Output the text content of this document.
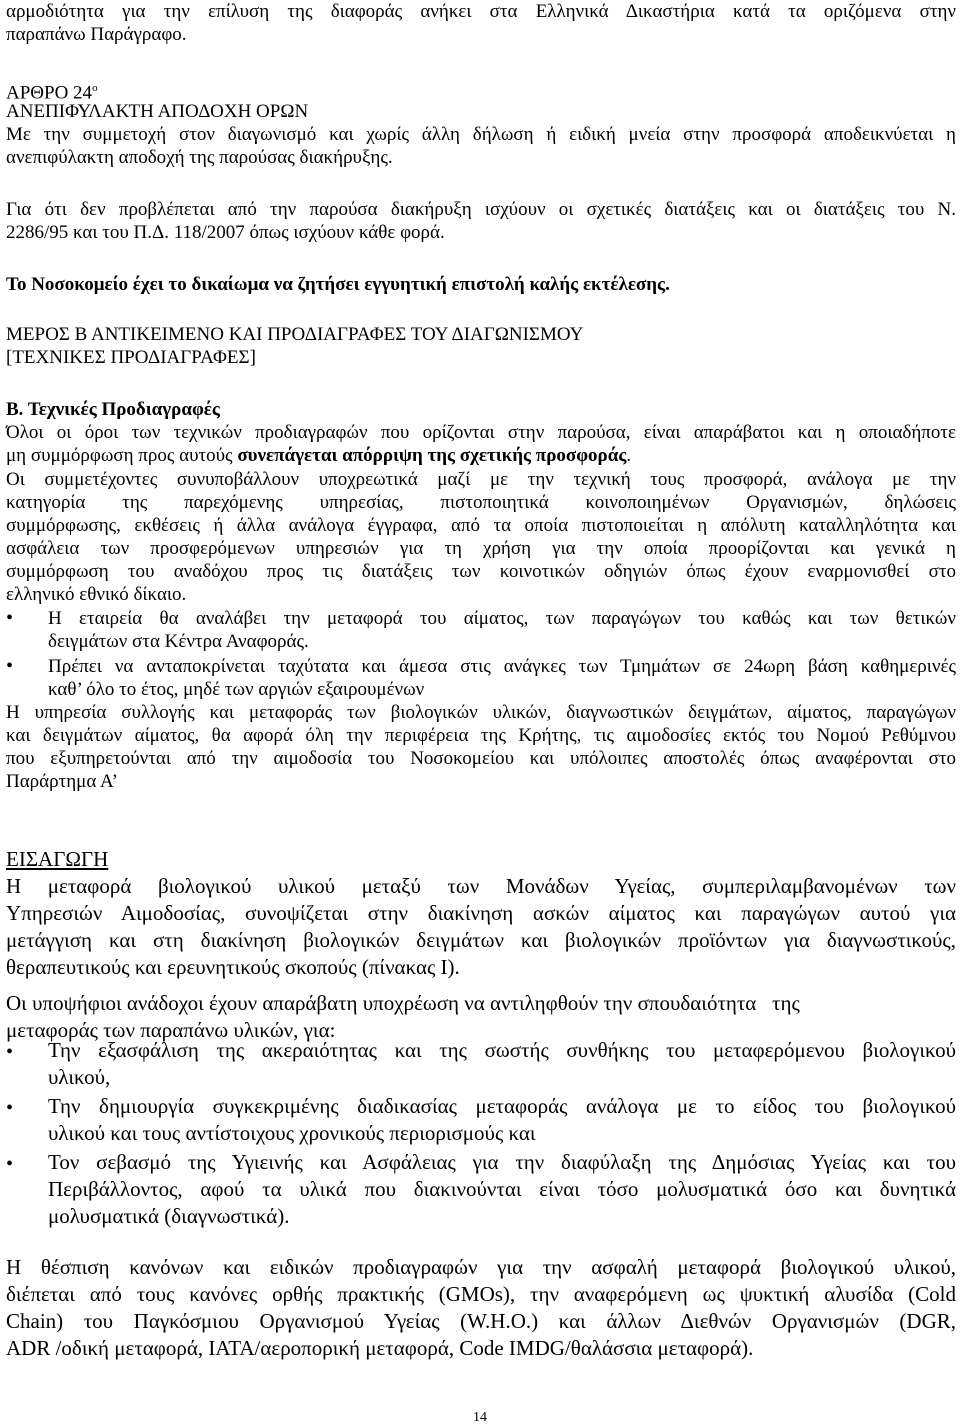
αρμοδιότητα για την επίλυση της διαφοράς ανήκει στα Ελληνικά Δικαστήρια κατά τα οριζόμενα στην
παραπάνω Παράγραφο.
ΑΡΘΡΟ $24^o$
ΑΝΕΠΙΦΥΛΑΚΤΗ ΑΠΟΔΟΧΗ ΟΡΩΝ
Με την συμμετοχή στον διαγωνισμό και χωρίς άλλη δήλωση ή ειδική μνεία στην προσφορά αποδεικνύεται η
ανεπιφύλακτη αποδοχή της παρούσας διακήρυξης.
Για ότι δεν προβλέπεται από την παρούσα διακήρυξη ισχύουν οι σχετικές διατάξεις και οι διατάξεις του Ν.
2286/95 και του Π.Δ. 118/2007 όπως ισχύουν κάθε φορά.
Το Νοσοκομείο έχει το δικαίωμα να ζητήσει εγγυητική επιστολή καλής εκτέλεσης.
ΜΕΡΟΣ Β ΑΝΤΙΚΕΙΜΕΝΟ ΚΑΙ ΠΡΟΔΙΑΓΡΑΦΕΣ ΤΟΥ ΔΙΑΓΩΝΙΣΜΟΥ
[ΤΕΧΝΙΚΕΣ ΠΡΟΔΙΑΓΡΑΦΕΣ]
Β. Τεχνικές Προδιαγραφές
Όλοι οι όροι των τεχνικών προδιαγραφών που ορίζονται στην παρούσα, είναι απαράβατοι και η οποιαδήποτε
μη συμμόρφωση προς αυτούς συνεπάγεται απόρριψη της σχετικής προσφοράς.
Οι συμμετέχοντες συνυποβάλλουν υποχρεωτικά μαζί με την τεχνική τους προσφορά, ανάλογα με την
κατηγορία της παρεχόμενης υπηρεσίας, πιστοποιητικά κοινοποιημένων Οργανισμών, δηλώσεις
συμμόρφωσης, εκθέσεις ή άλλα ανάλογα έγγραφα, από τα οποία πιστοποιείται η απόλυτη καταλληλότητα και
ασφάλεια των προσφερόμενων υπηρεσιών για τη χρήση για την οποία προορίζονται και γενικά η
συμμόρφωση του αναδόχου προς τις διατάξεις των κοινοτικών οδηγιών όπως έχουν εναρμονισθεί στο
ελληνικό εθνικό δίκαιο.
• Η εταιρεία θα αναλάβει την μεταφορά του αίματος, των παραγώγων του καθώς και των θετικών
δειγμάτων στα Κέντρα Αναφοράς.
• Πρέπει να ανταποκρίνεται ταχύτατα και άμεσα στις ανάγκες των Τμημάτων σε 24ωρη βάση καθημερινές
καθ’ όλο το έτος, μηδέ των αργιών εξαιρουμένων
Η υπηρεσία συλλογής και μεταφοράς των βιολογικών υλικών, διαγνωστικών δειγμάτων, αίματος, παραγώγων
και δειγμάτων αίματος, θα αφορά όλη την περιφέρεια της Κρήτης, τις αιμοδοσίες εκτός του Νομού Ρεθύμνου
που εξυπηρετούνται από την αιμοδοσία του Νοσοκομείου και υπόλοιπες αποστολές όπως αναφέρονται στο
Παράρτημα Α’
ΕΙΣΑΓΩΓΗ
Η μεταφορά βιολογικού υλικού μεταξύ των Μονάδων Υγείας, συμπεριλαμβανομένων των
Υπηρεσιών Αιμοδοσίας, συνοψίζεται στην διακίνηση ασκών αίματος και παραγώγων αυτού για
μετάγγιση και στη διακίνηση βιολογικών δειγμάτων και βιολογικών προϊόντων για διαγνωστικούς,
θεραπευτικούς και ερευνητικούς σκοπούς (πίνακας Ι).
Οι υποψήφιοι ανάδοχοι έχουν απαράβατη υποχρέωση να αντιληφθούν την σπουδαιότητα   της
μεταφοράς των παραπάνω υλικών, για:
• Την εξασφάλιση της ακεραιότητας και της σωστής συνθήκης του μεταφερόμενου βιολογικού
υλικού,
• Την δημιουργία συγκεκριμένης διαδικασίας μεταφοράς ανάλογα με το είδος του βιολογικού
υλικού και τους αντίστοιχους χρονικούς περιορισμούς και
• Τον σεβασμό της Υγιεινής και Ασφάλειας για την διαφύλαξη της Δημόσιας Υγείας και του
Περιβάλλοντος, αφού τα υλικά που διακινούνται είναι τόσο μολυσματικά όσο και δυνητικά
μολυσματικά (διαγνωστικά).
Η θέσπιση κανόνων και ειδικών προδιαγραφών για την ασφαλή μεταφορά βιολογικού υλικού,
διέπεται από τους κανόνες ορθής πρακτικής (GMOs), την αναφερόμενη ως ψυκτική αλυσίδα (Cold
Chain) του Παγκόσμιου Οργανισμού Υγείας (W.H.O.) και άλλων Διεθνών Οργανισμών (DGR,
ADR /οδική μεταφορά, IATA/αεροπορική μεταφορά, Code IMDG/θαλάσσια μεταφορά).
14
